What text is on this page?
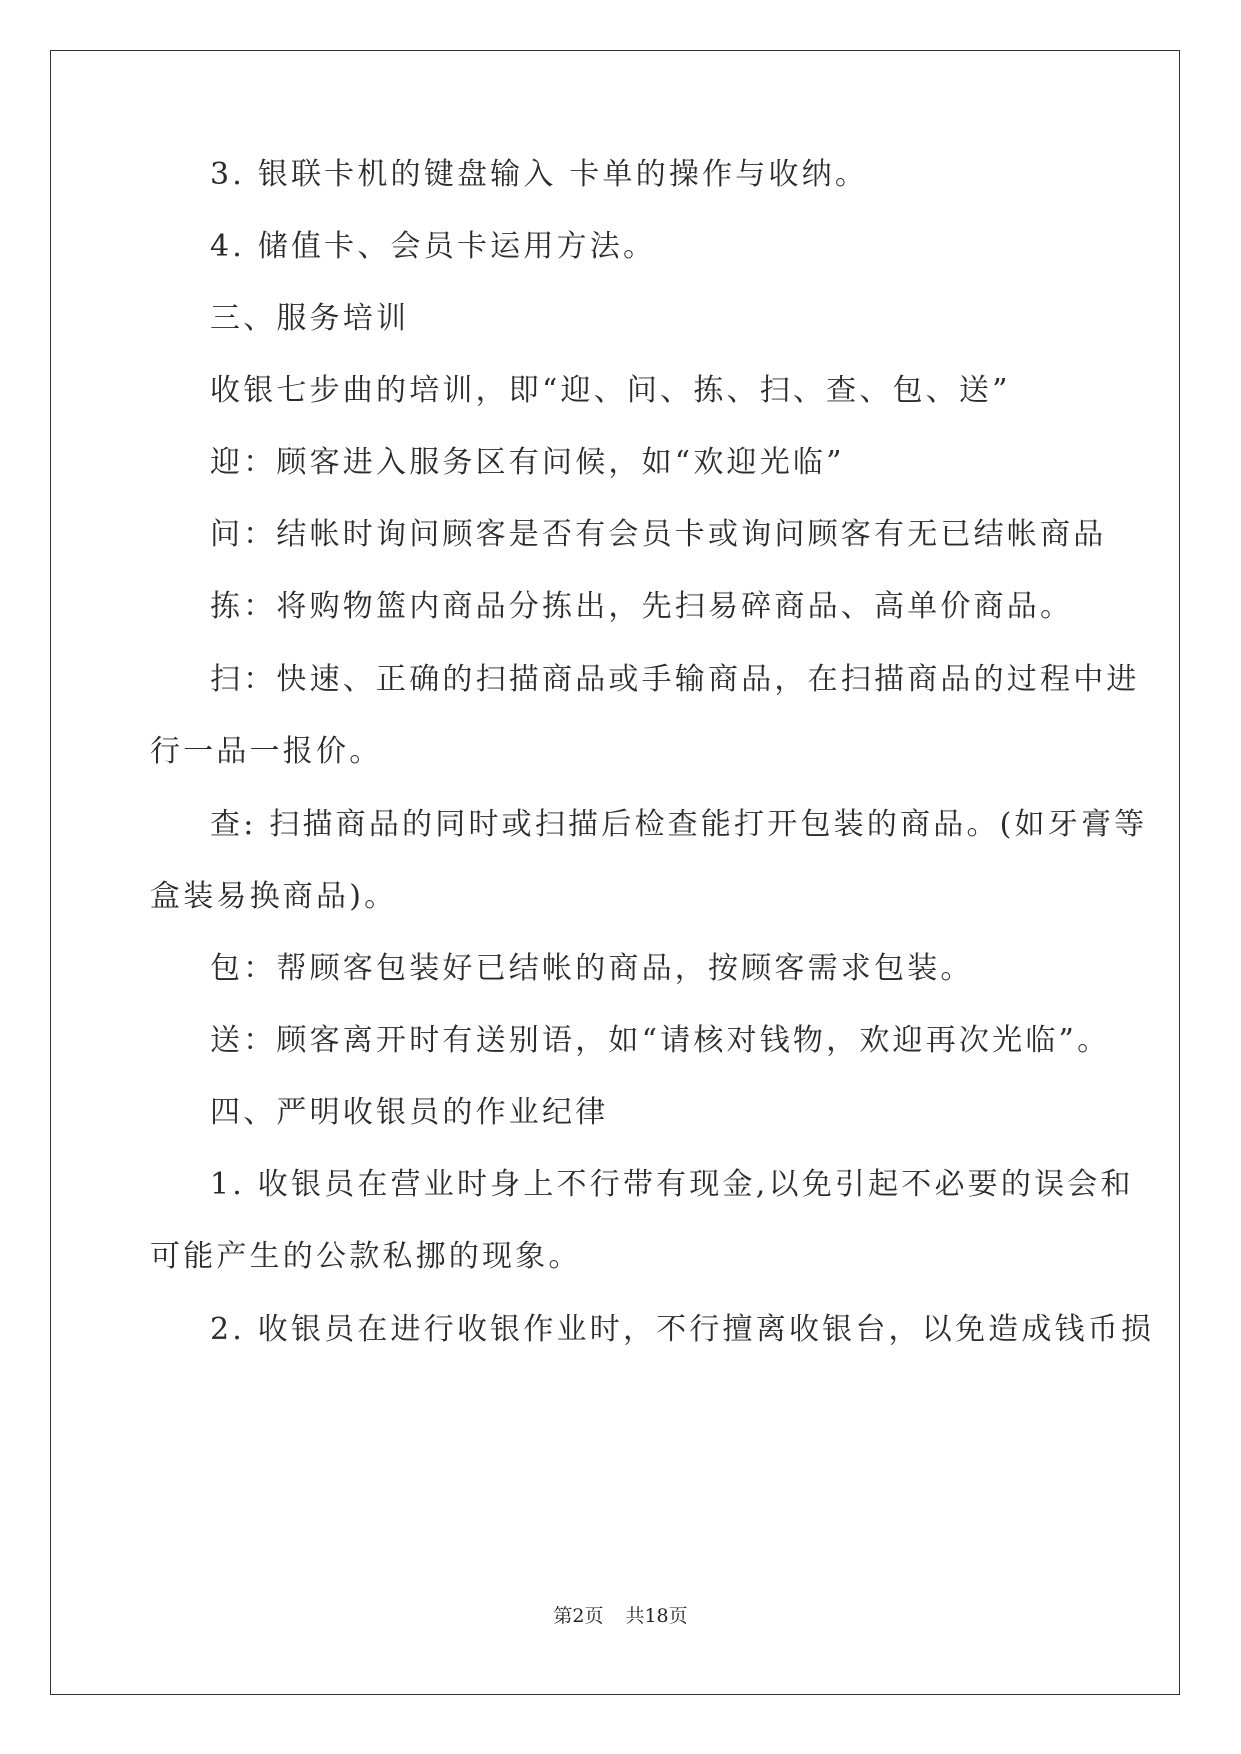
3. 银联卡机的键盘输入 卡单的操作与收纳。
4. 储值卡、会员卡运用方法。
三、服务培训
收银七步曲的培训，即“迎、问、拣、扫、查、包、送”
迎：顾客进入服务区有问候，如“欢迎光临”
问：结帐时询问顾客是否有会员卡或询问顾客有无已结帐商品
拣：将购物篮内商品分拣出，先扫易碎商品、高单价商品。
扫：快速、正确的扫描商品或手输商品，在扫描商品的过程中进
行一品一报价。
查: 扫描商品的同时或扫描后检查能打开包装的商品。(如牙膏等
盒装易换商品)。
包：帮顾客包装好已结帐的商品，按顾客需求包装。
送：顾客离开时有送别语，如“请核对钱物，欢迎再次光临”。
四、严明收银员的作业纪律
1. 收银员在营业时身上不行带有现金,以免引起不必要的误会和
可能产生的公款私挪的现象。
2. 收银员在进行收银作业时，不行擅离收银台，以免造成钱币损
第2页 共18页
